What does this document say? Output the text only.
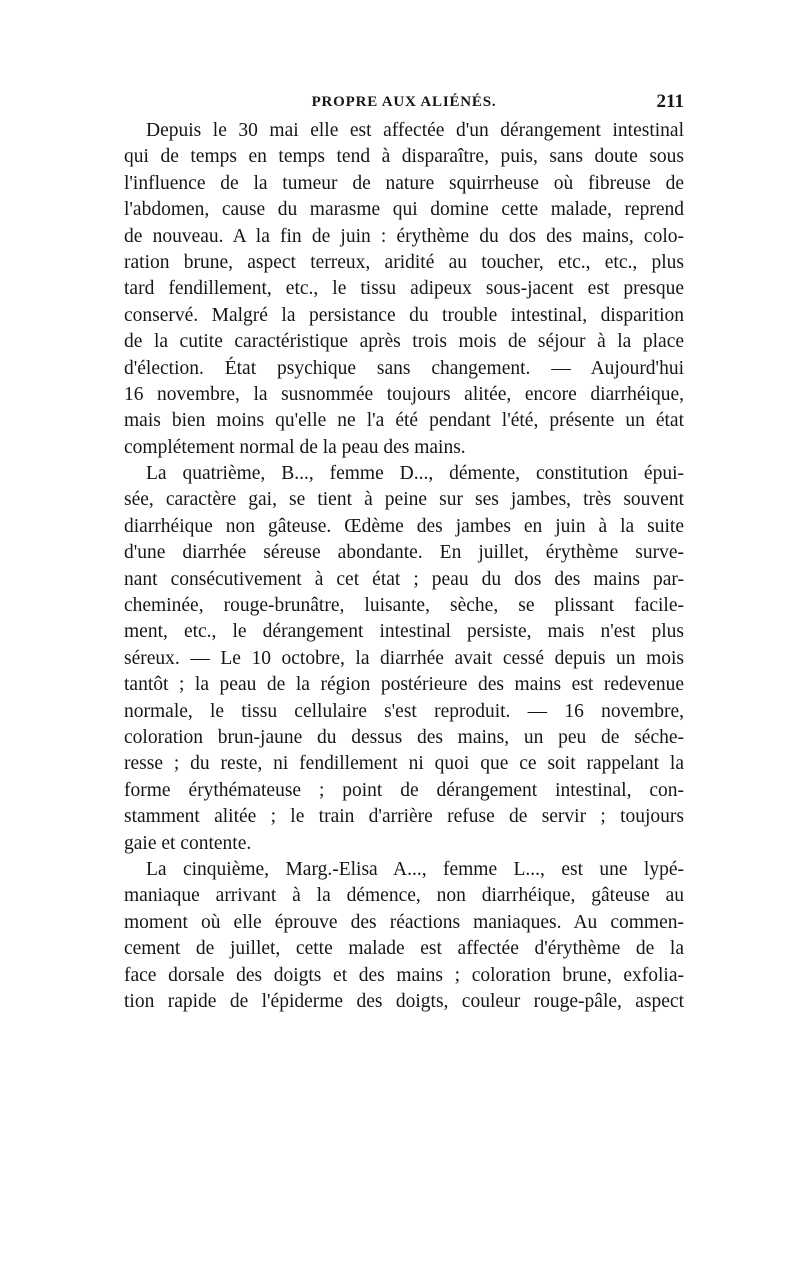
PROPRE AUX ALIÉNÉS.	211
Depuis le 30 mai elle est affectée d'un dérangement intestinal
qui de temps en temps tend à disparaître, puis, sans doute sous
l'influence de la tumeur de nature squirrheuse où fibreuse de
l'abdomen, cause du marasme qui domine cette malade, reprend
de nouveau. A la fin de juin : érythème du dos des mains, colo-
ration brune, aspect terreux, aridité au toucher, etc., etc., plus
tard fendillement, etc., le tissu adipeux sous-jacent est presque
conservé. Malgré la persistance du trouble intestinal, disparition
de la cutite caractéristique après trois mois de séjour à la place
d'élection. État psychique sans changement. — Aujourd'hui
16 novembre, la susnommée toujours alitée, encore diarrhéique,
mais bien moins qu'elle ne l'a été pendant l'été, présente un état
complétement normal de la peau des mains.
La quatrième, B..., femme D..., démente, constitution épui-
sée, caractère gai, se tient à peine sur ses jambes, très souvent
diarrhéique non gâteuse. Œdème des jambes en juin à la suite
d'une diarrhée séreuse abondante. En juillet, érythème surve-
nant consécutivement à cet état ; peau du dos des mains par-
cheminée, rouge-brunâtre, luisante, sèche, se plissant facile-
ment, etc., le dérangement intestinal persiste, mais n'est plus
séreux. — Le 10 octobre, la diarrhée avait cessé depuis un mois
tantôt ; la peau de la région postérieure des mains est redevenue
normale, le tissu cellulaire s'est reproduit. — 16 novembre,
coloration brun-jaune du dessus des mains, un peu de séche-
resse ; du reste, ni fendillement ni quoi que ce soit rappelant la
forme érythémateuse ; point de dérangement intestinal, con-
stamment alitée ; le train d'arrière refuse de servir ; toujours
gaie et contente.
La cinquième, Marg.-Elisa A..., femme L..., est une lypé-
maniaque arrivant à la démence, non diarrhéique, gâteuse au
moment où elle éprouve des réactions maniaques. Au commen-
cement de juillet, cette malade est affectée d'érythème de la
face dorsale des doigts et des mains ; coloration brune, exfolia-
tion rapide de l'épiderme des doigts, couleur rouge-pâle, aspect
